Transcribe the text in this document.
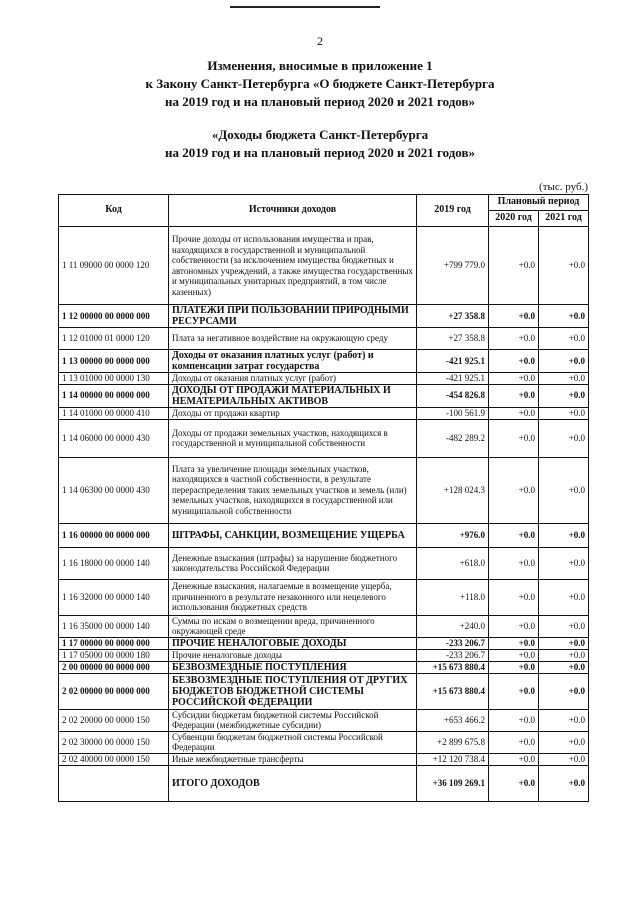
2
Изменения, вносимые в приложение 1
к Закону Санкт-Петербурга «О бюджете Санкт-Петербурга
на 2019 год и на плановый период 2020 и 2021 годов»
«Доходы бюджета Санкт-Петербурга
на 2019 год и на плановый период 2020 и 2021 годов»
(тыс. руб.)
Код	Источники доходов	2019 год	Плановый период	
			2020 год	2021 год
1 11 09000 00 0000 120	Прочие доходы от использования имущества и прав, находящихся в государственной и муниципальной собственности (за исключением имущества бюджетных и автономных учреждений, а также имущества государственных и муниципальных унитарных предприятий, в том числе казенных)	+799 779.0	+0.0	+0.0
1 12 00000 00 0000 000	ПЛАТЕЖИ ПРИ ПОЛЬЗОВАНИИ ПРИРОДНЫМИ РЕСУРСАМИ	+27 358.8	+0.0	+0.0
1 12 01000 01 0000 120	Плата за негативное воздействие на окружающую среду	+27 358.8	+0.0	+0.0
1 13 00000 00 0000 000	Доходы от оказания платных услуг (работ) и компенсации затрат государства	-421 925.1	+0.0	+0.0
1 13 01000 00 0000 130	Доходы от оказания платных услуг (работ)	-421 925.1	+0.0	+0.0
1 14 00000 00 0000 000	ДОХОДЫ ОТ ПРОДАЖИ МАТЕРИАЛЬНЫХ И НЕМАТЕРИАЛЬНЫХ АКТИВОВ	-454 826.8	+0.0	+0.0
1 14 01000 00 0000 410	Доходы от продажи квартир	-100 561.9	+0.0	+0.0
1 14 06000 00 0000 430	Доходы от продажи земельных участков, находящихся в государственной и муниципальной собственности	-482 289.2	+0.0	+0.0
1 14 06300 00 0000 430	Плата за увеличение площади земельных участков, находящихся в частной собственности, в результате перераспределения таких земельных участков и земель (или) земельных участков, находящихся в государственной или муниципальной собственности	+128 024.3	+0.0	+0.0
1 16 00000 00 0000 000	ШТРАФЫ, САНКЦИИ, ВОЗМЕЩЕНИЕ УЩЕРБА	+976.0	+0.0	+0.0
1 16 18000 00 0000 140	Денежные взыскания (штрафы) за нарушение бюджетного законодательства Российской Федерации	+618.0	+0.0	+0.0
1 16 32000 00 0000 140	Денежные взыскания, налагаемые в возмещение ущерба, причиненного в результате незаконного или нецелевого использования бюджетных средств	+118.0	+0.0	+0.0
1 16 35000 00 0000 140	Суммы по искам о возмещении вреда, причиненного окружающей среде	+240.0	+0.0	+0.0
1 17 00000 00 0000 000	ПРОЧИЕ НЕНАЛОГОВЫЕ ДОХОДЫ	-233 206.7	+0.0	+0.0
1 17 05000 00 0000 180	Прочие неналоговые доходы	-233 206.7	+0.0	+0.0
2 00 00000 00 0000 000	БЕЗВОЗМЕЗДНЫЕ ПОСТУПЛЕНИЯ	+15 673 880.4	+0.0	+0.0
2 02 00000 00 0000 000	БЕЗВОЗМЕЗДНЫЕ ПОСТУПЛЕНИЯ ОТ ДРУГИХ БЮДЖЕТОВ БЮДЖЕТНОЙ СИСТЕМЫ РОССИЙСКОЙ ФЕДЕРАЦИИ	+15 673 880.4	+0.0	+0.0
2 02 20000 00 0000 150	Субсидии бюджетам бюджетной системы Российской Федерации (межбюджетные субсидии)	+653 466.2	+0.0	+0.0
2 02 30000 00 0000 150	Субвенции бюджетам бюджетной системы Российской Федерации	+2 899 675.8	+0.0	+0.0
2 02 40000 00 0000 150	Иные межбюджетные трансферты	+12 120 738.4	+0.0	+0.0
	ИТОГО ДОХОДОВ	+36 109 269.1	+0.0	+0.0
